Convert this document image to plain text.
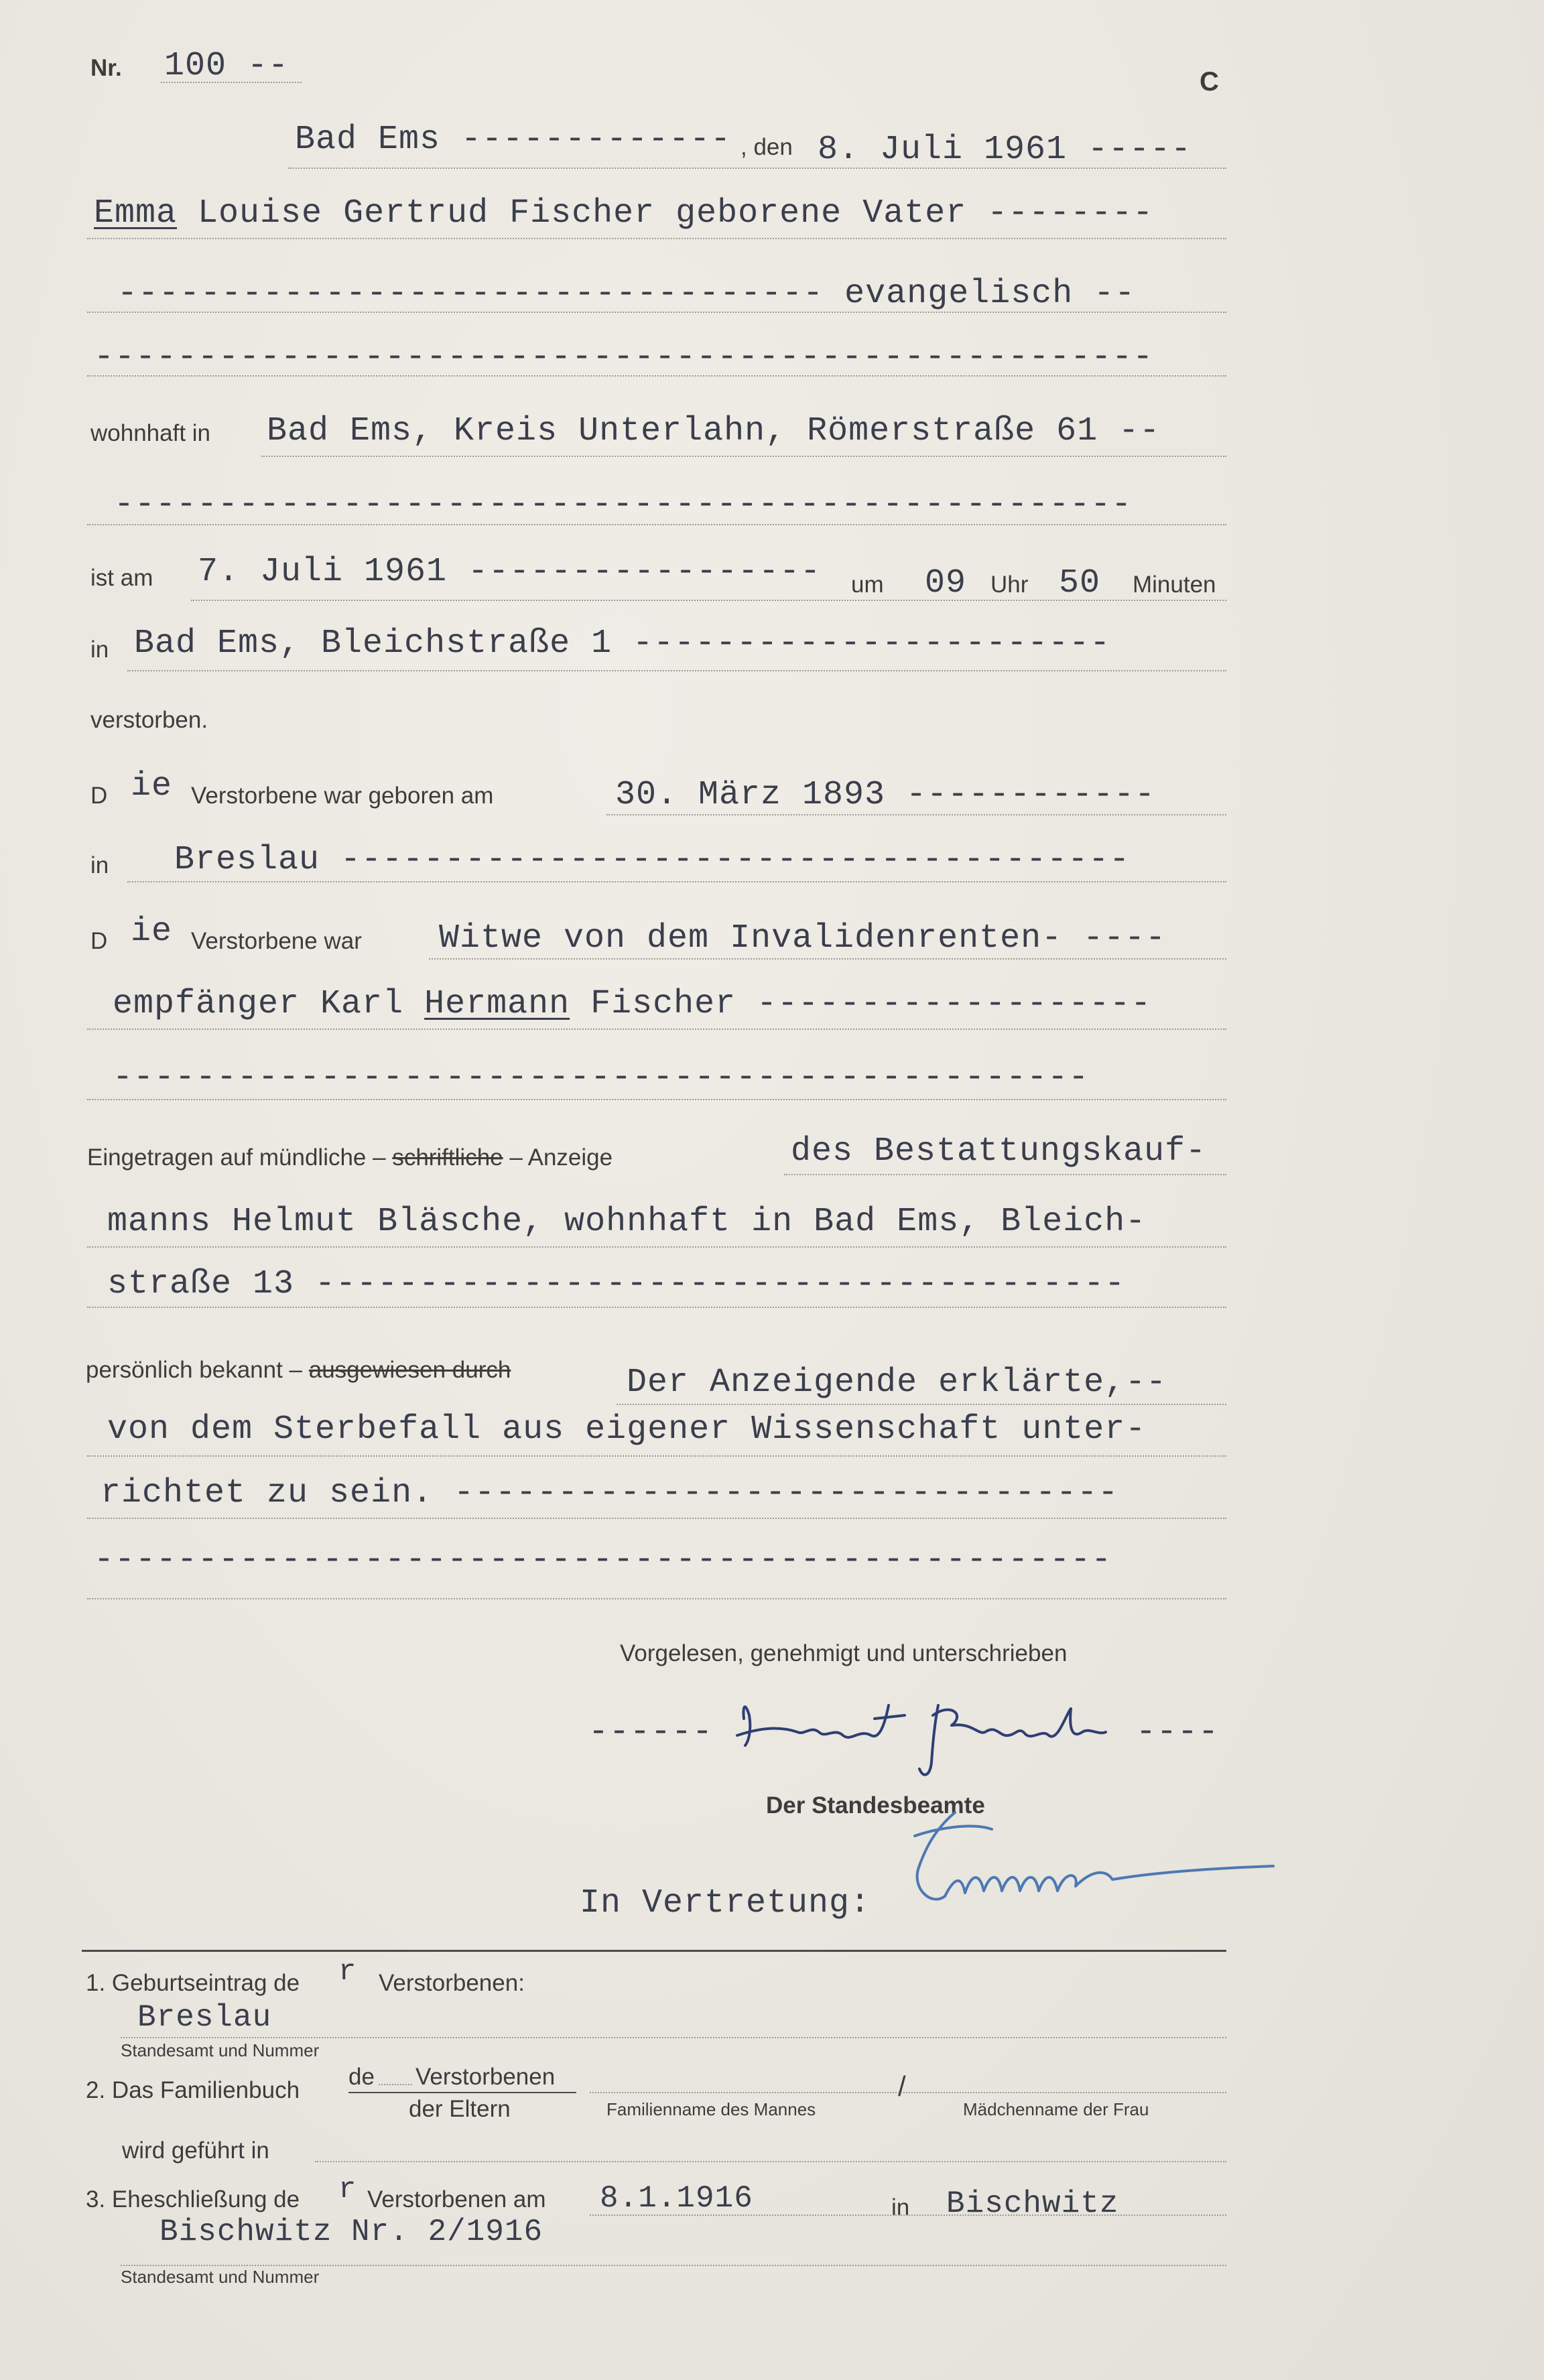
Nr. 100 --	C
Bad Ems ------------- , den 8. Juli 1961 -----
Emma Louise Gertrud Fischer geborene Vater --------
---------------------------------- evangelisch --
---------------------------------------------------
wohnhaft in Bad Ems, Kreis Unterlahn, Römerstraße 61 --
-------------------------------------------------
ist am 7. Juli 1961 ----------------- um 09 Uhr 50 Minuten
in Bad Ems, Bleichstraße 1 -----------------------
verstorben.
D ie Verstorbene war geboren am	30. März 1893 ------------
in Breslau --------------------------------------
D ie Verstorbene war Witwe von dem Invalidenrenten- ----
empfänger Karl Hermann Fischer -------------------
-----------------------------------------------
Eingetragen auf mündliche – schriftliche – Anzeige	des Bestattungskauf-
manns Helmut Bläsche, wohnhaft in Bad Ems, Bleich-
straße 13 ---------------------------------------
persönlich bekannt – ausgewiesen durch	Der Anzeigende erklärte,--
von dem Sterbefall aus eigener Wissenschaft unter-
richtet zu sein. --------------------------------
-------------------------------------------------
Vorgelesen, genehmigt und unterschrieben
------	----
Der Standesbeamte
In Vertretung:
1. Geburtseintrag de r Verstorbenen:
Breslau
Standesamt und Nummer
2. Das Familienbuch
de Verstorbenen
der Eltern	Familienname des Mannes
/
Mädchenname der Frau
wird geführt in
3. Eheschließung de r Verstorbenen am 8.1.1916	in Bischwitz
Bischwitz Nr. 2/1916
Standesamt und Nummer
